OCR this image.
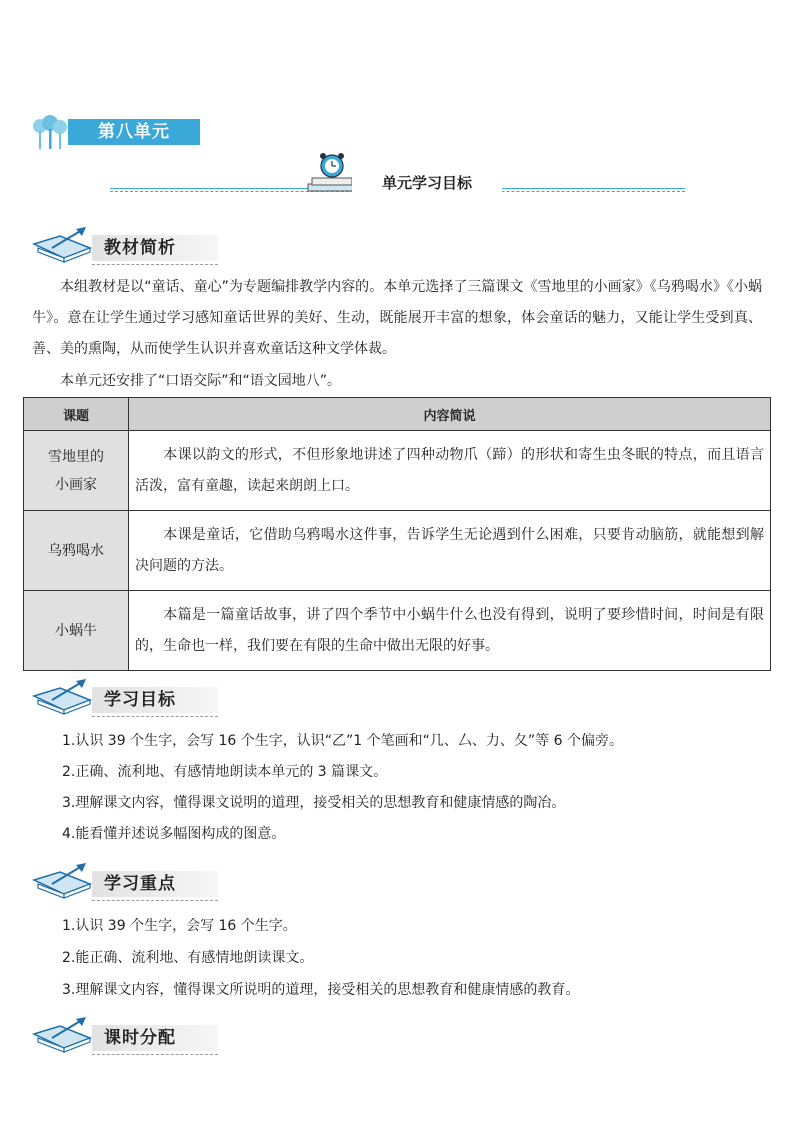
第八单元
单元学习目标
教材简析
本组教材是以“童话、童心”为专题编排教学内容的。本单元选择了三篇课文《雪地里的小画家》《乌鸦喝水》《小蜗牛》。意在让学生通过学习感知童话世界的美好、生动，既能展开丰富的想象，体会童话的魅力，又能让学生受到真、善、美的熏陶，从而使学生认识并喜欢童话这种文学体裁。
本单元还安排了“口语交际”和“语文园地八”。
课题	内容简说
雪地里的
小画家	本课以韵文的形式，不但形象地讲述了四种动物爪（蹄）的形状和寄生虫冬眠的特点，而且语言活泼，富有童趣，读起来朗朗上口。
乌鸦喝水	本课是童话，它借助乌鸦喝水这件事，告诉学生无论遇到什么困难，只要肯动脑筋，就能想到解决问题的方法。
小蜗牛	本篇是一篇童话故事，讲了四个季节中小蜗牛什么也没有得到，说明了要珍惜时间，时间是有限的，生命也一样，我们要在有限的生命中做出无限的好事。
学习目标
1.认识 39 个生字，会写 16 个生字，认识“乙”1 个笔画和“几、厶、力、夂”等 6 个偏旁。
2.正确、流利地、有感情地朗读本单元的 3 篇课文。
3.理解课文内容，懂得课文说明的道理，接受相关的思想教育和健康情感的陶冶。
4.能看懂并述说多幅图构成的图意。
学习重点
1.认识 39 个生字，会写 16 个生字。
2.能正确、流利地、有感情地朗读课文。
3.理解课文内容，懂得课文所说明的道理，接受相关的思想教育和健康情感的教育。
课时分配
